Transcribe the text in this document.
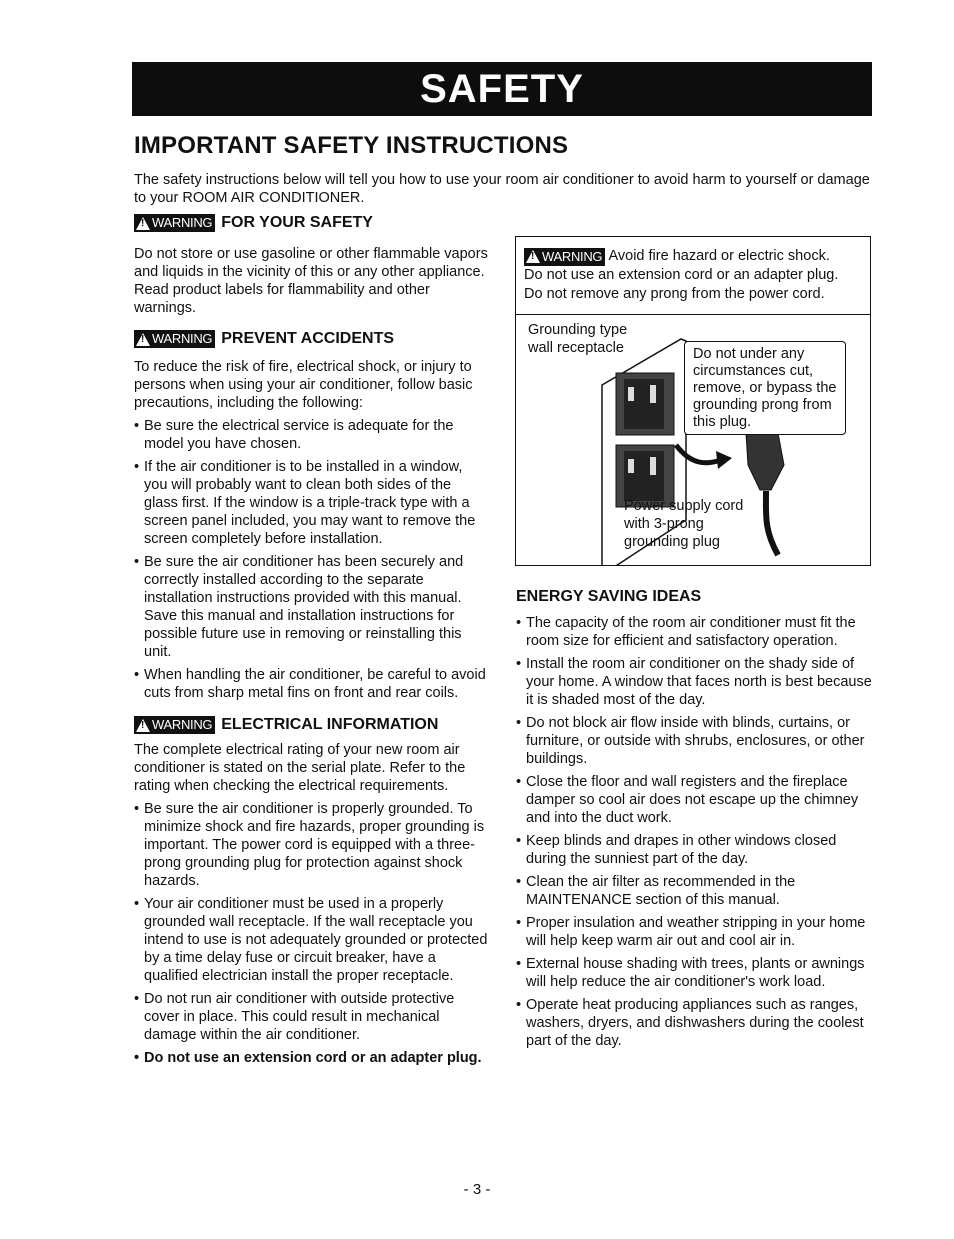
SAFETY
IMPORTANT SAFETY INSTRUCTIONS

The safety instructions below will tell you how to use your room air conditioner to avoid harm to yourself or damage to your ROOM AIR CONDITIONER.

! WARNING FOR YOUR SAFETY

Do not store or use gasoline or other flammable vapors and liquids in the vicinity of this or any other appliance. Read product labels for flammability and other warnings.

! WARNING PREVENT ACCIDENTS

To reduce the risk of fire, electrical shock, or injury to persons when using your air conditioner, follow basic precautions, including the following:

• Be sure the electrical service is adequate for the model you have chosen.
• If the air conditioner is to be installed in a window, you will probably want to clean both sides of the glass first. If the window is a triple-track type with a screen panel included, you may want to remove the screen completely before installation.
• Be sure the air conditioner has been securely and correctly installed according to the separate installation instructions provided with this manual. Save this manual and installation instructions for possible future use in removing or reinstalling this unit.
• When handling the air conditioner, be careful to avoid cuts from sharp metal fins on front and rear coils.
! WARNING ELECTRICAL INFORMATION

The complete electrical rating of your new room air conditioner is stated on the serial plate. Refer to the rating when checking the electrical requirements.

• Be sure the air conditioner is properly grounded. To minimize shock and fire hazards, proper grounding is important. The power cord is equipped with a three-prong grounding plug for protection against shock hazards.
• Your air conditioner must be used in a properly grounded wall receptacle. If the wall receptacle you intend to use is not adequately grounded or protected by a time delay fuse or circuit breaker, have a qualified electrician install the proper receptacle.
• Do not run air conditioner with outside protective cover in place. This could result in mechanical damage within the air conditioner.
• Do not use an extension cord or an adapter plug.
! WARNING Avoid fire hazard or electric shock.
Do not use an extension cord or an adapter plug.
Do not remove any prong from the power cord.
Grounding type
wall receptacle	Do not under any circumstances cut, remove, or bypass the grounding prong from this plug.
Power supply cord
with 3-prong
grounding plug
ENERGY SAVING IDEAS
• The capacity of the room air conditioner must fit the room size for efficient and satisfactory operation.
• Install the room air conditioner on the shady side of your home. A window that faces north is best because it is shaded most of the day.
• Do not block air flow inside with blinds, curtains, or furniture, or outside with shrubs, enclosures, or other buildings.
• Close the floor and wall registers and the fireplace damper so cool air does not escape up the chimney and into the duct work.
• Keep blinds and drapes in other windows closed during the sunniest part of the day.
• Clean the air filter as recommended in the MAINTENANCE section of this manual.
• Proper insulation and weather stripping in your home will help keep warm air out and cool air in.
• External house shading with trees, plants or awnings will help reduce the air conditioner's work load.
• Operate heat producing appliances such as ranges, washers, dryers, and dishwashers during the coolest part of the day.
- 3 -
